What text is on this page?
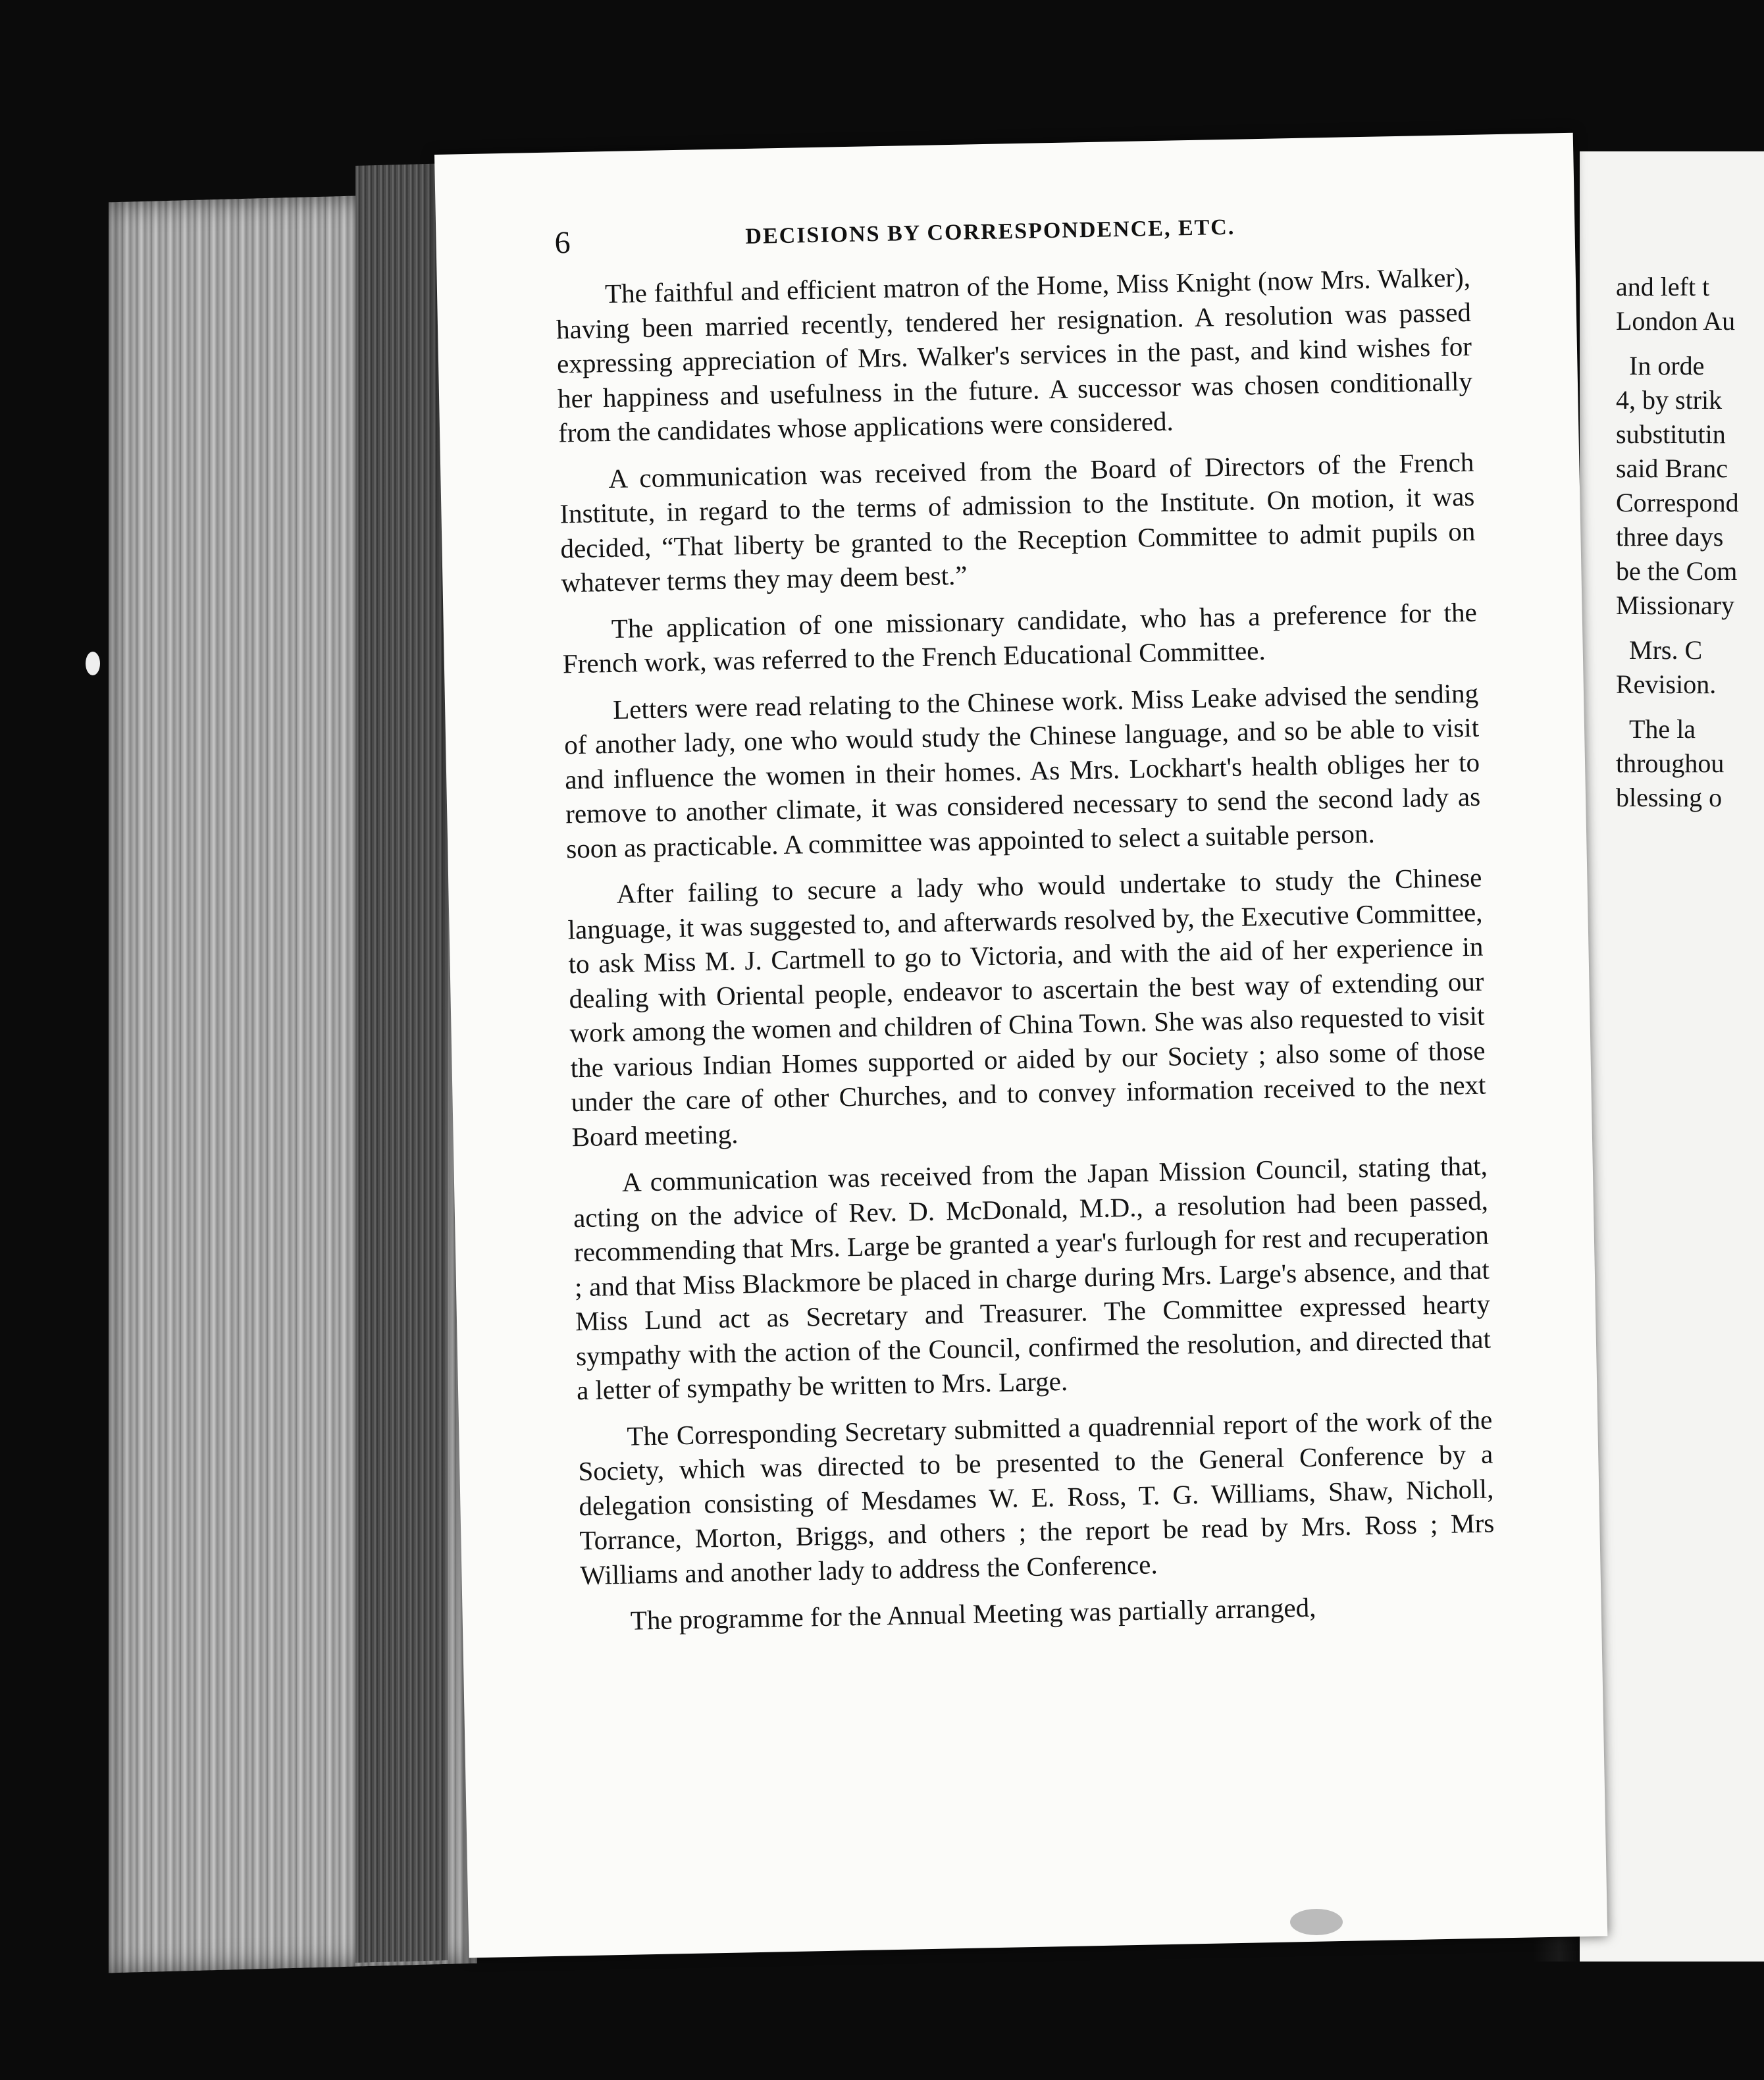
and left t
London Au
In orde
4, by strik
substitutin
said Branc
Correspond
three days
be the Com
Missionary
Mrs. C
Revision.
The la
throughou
blessing o
6	DECISIONS BY CORRESPONDENCE, ETC.

The faithful and efficient matron of the Home, Miss Knight (now Mrs. Walker), having been married recently, tendered her resignation. A resolution was passed expressing appreciation of Mrs. Walker's services in the past, and kind wishes for her happiness and usefulness in the future. A successor was chosen conditionally from the candidates whose applications were considered.

A communication was received from the Board of Directors of the French Institute, in regard to the terms of admission to the Institute. On motion, it was decided, “That liberty be granted to the Reception Committee to admit pupils on whatever terms they may deem best.”

The application of one missionary candidate, who has a preference for the French work, was referred to the French Educational Committee.

Letters were read relating to the Chinese work. Miss Leake advised the sending of another lady, one who would study the Chinese language, and so be able to visit and influence the women in their homes. As Mrs. Lockhart's health obliges her to remove to another climate, it was considered necessary to send the second lady as soon as practicable. A committee was appointed to select a suitable person.

After failing to secure a lady who would undertake to study the Chinese language, it was suggested to, and afterwards resolved by, the Executive Committee, to ask Miss M. J. Cartmell to go to Victoria, and with the aid of her experience in dealing with Oriental people, endeavor to ascertain the best way of extending our work among the women and children of China Town. She was also requested to visit the various Indian Homes supported or aided by our Society ; also some of those under the care of other Churches, and to convey information received to the next Board meeting.

A communication was received from the Japan Mission Council, stating that, acting on the advice of Rev. D. McDonald, M.D., a resolution had been passed, recommending that Mrs. Large be granted a year's furlough for rest and recuperation ; and that Miss Blackmore be placed in charge during Mrs. Large's absence, and that Miss Lund act as Secretary and Treasurer. The Committee expressed hearty sympathy with the action of the Council, confirmed the resolution, and directed that a letter of sympathy be written to Mrs. Large.

The Corresponding Secretary submitted a quadrennial report of the work of the Society, which was directed to be presented to the General Conference by a delegation consisting of Mesdames W. E. Ross, T. G. Williams, Shaw, Nicholl, Torrance, Morton, Briggs, and others ; the report be read by Mrs. Ross ; Mrs Williams and another lady to address the Conference.

The programme for the Annual Meeting was partially arranged,
